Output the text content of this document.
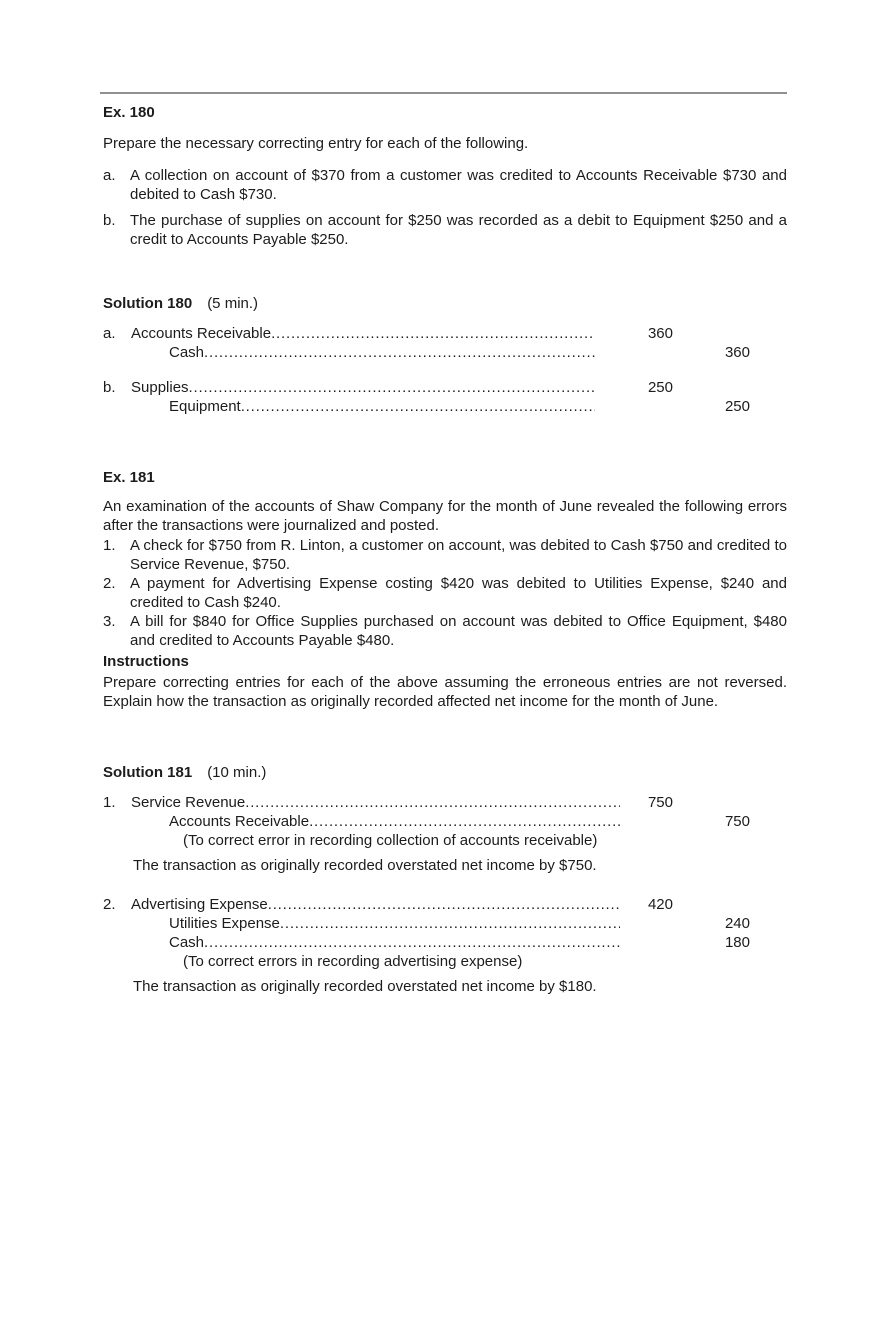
Ex. 180

Prepare the necessary correcting entry for each of the following.

a. A collection on account of $370 from a customer was credited to Accounts Receivable $730 and debited to Cash $730.
b. The purchase of supplies on account for $250 was recorded as a debit to Equipment $250 and a credit to Accounts Payable $250.
Solution 180 (5 min.)
a.	Accounts Receivable .....	360
Cash .....	360
b.	Supplies .....	250
Equipment .....	250
Ex. 181

An examination of the accounts of Shaw Company for the month of June revealed the following errors after the transactions were journalized and posted.

1. A check for $750 from R. Linton, a customer on account, was debited to Cash $750 and credited to Service Revenue, $750.
2. A payment for Advertising Expense costing $420 was debited to Utilities Expense, $240 and credited to Cash $240.
3. A bill for $840 for Office Supplies purchased on account was debited to Office Equipment, $480 and credited to Accounts Payable $480.
Instructions

Prepare correcting entries for each of the above assuming the erroneous entries are not reversed. Explain how the transaction as originally recorded affected net income for the month of June.

Solution 181 (10 min.)
1.	Service Revenue .....	750
Accounts Receivable .....	750
(To correct error in recording collection of accounts receivable)

The transaction as originally recorded overstated net income by $750.

2.	Advertising Expense .....	420
Utilities Expense .....	240
Cash .....	180
(To correct errors in recording advertising expense)

The transaction as originally recorded overstated net income by $180.
